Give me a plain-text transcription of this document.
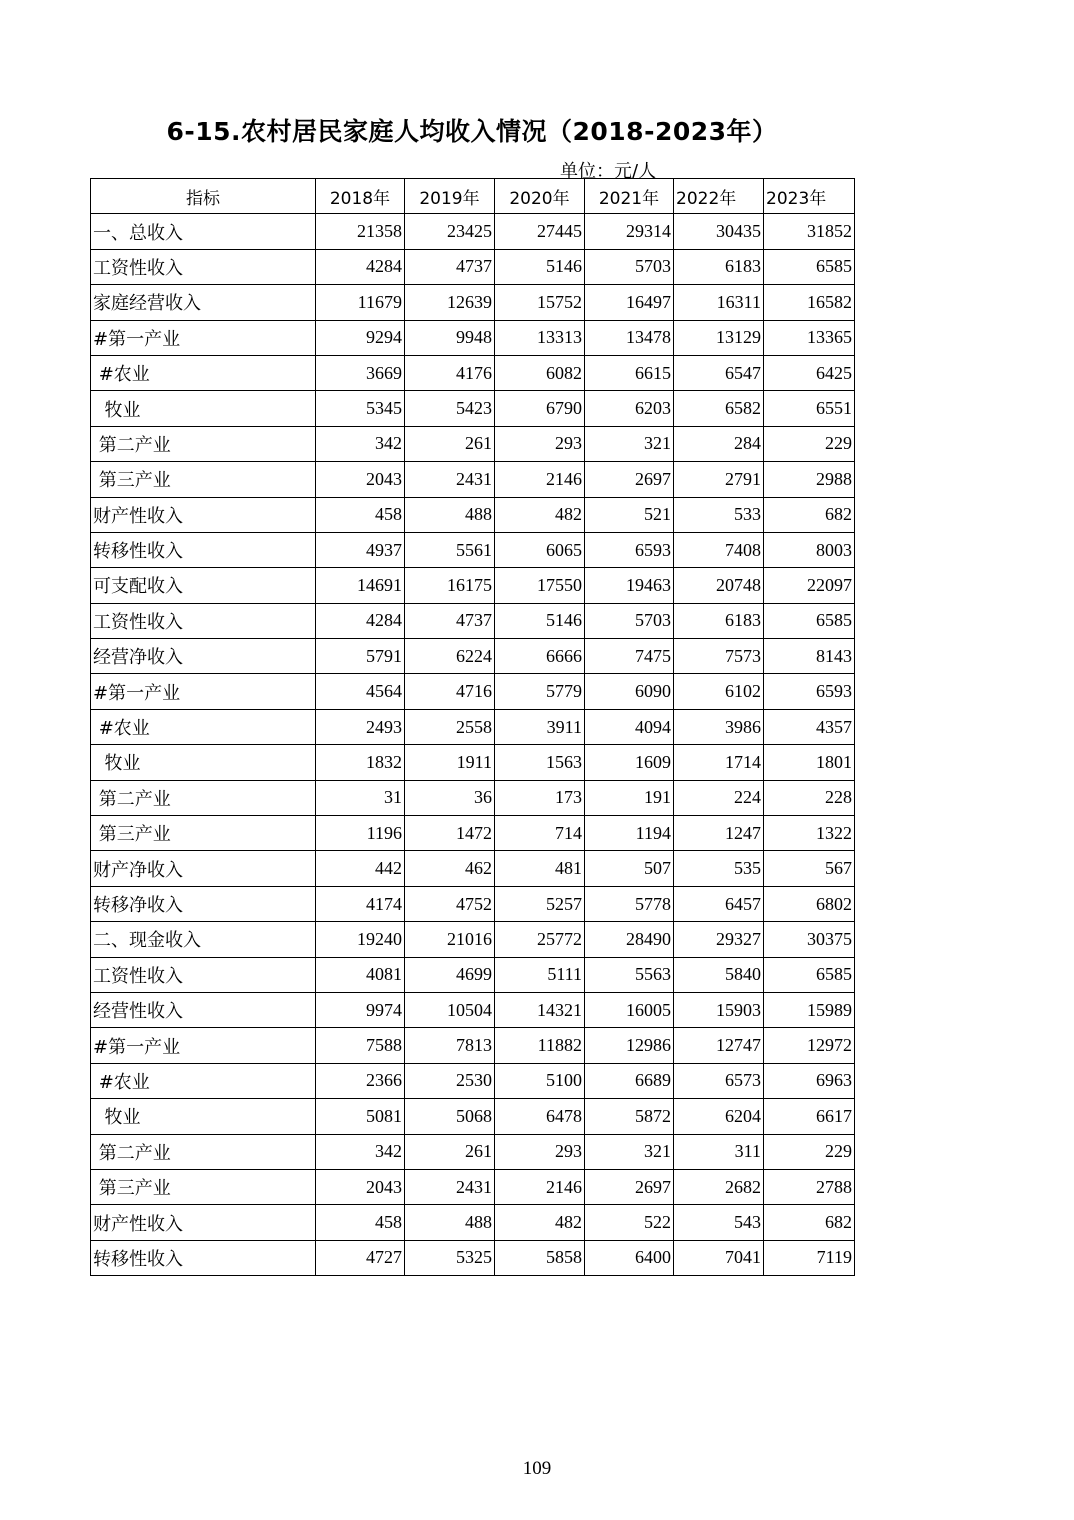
6-15.农村居民家庭人均收入情况（2018-2023年）
单位：元/人
指标	2018年	2019年	2020年	2021年	2022年	2023年
一、总收入	21358	23425	27445	29314	30435	31852
工资性收入	4284	4737	5146	5703	6183	6585
家庭经营收入	11679	12639	15752	16497	16311	16582
#第一产业	9294	9948	13313	13478	13129	13365
#农业	3669	4176	6082	6615	6547	6425
牧业	5345	5423	6790	6203	6582	6551
第二产业	342	261	293	321	284	229
第三产业	2043	2431	2146	2697	2791	2988
财产性收入	458	488	482	521	533	682
转移性收入	4937	5561	6065	6593	7408	8003
可支配收入	14691	16175	17550	19463	20748	22097
工资性收入	4284	4737	5146	5703	6183	6585
经营净收入	5791	6224	6666	7475	7573	8143
#第一产业	4564	4716	5779	6090	6102	6593
#农业	2493	2558	3911	4094	3986	4357
牧业	1832	1911	1563	1609	1714	1801
第二产业	31	36	173	191	224	228
第三产业	1196	1472	714	1194	1247	1322
财产净收入	442	462	481	507	535	567
转移净收入	4174	4752	5257	5778	6457	6802
二、现金收入	19240	21016	25772	28490	29327	30375
工资性收入	4081	4699	5111	5563	5840	6585
经营性收入	9974	10504	14321	16005	15903	15989
#第一产业	7588	7813	11882	12986	12747	12972
#农业	2366	2530	5100	6689	6573	6963
牧业	5081	5068	6478	5872	6204	6617
第二产业	342	261	293	321	311	229
第三产业	2043	2431	2146	2697	2682	2788
财产性收入	458	488	482	522	543	682
转移性收入	4727	5325	5858	6400	7041	7119
109
